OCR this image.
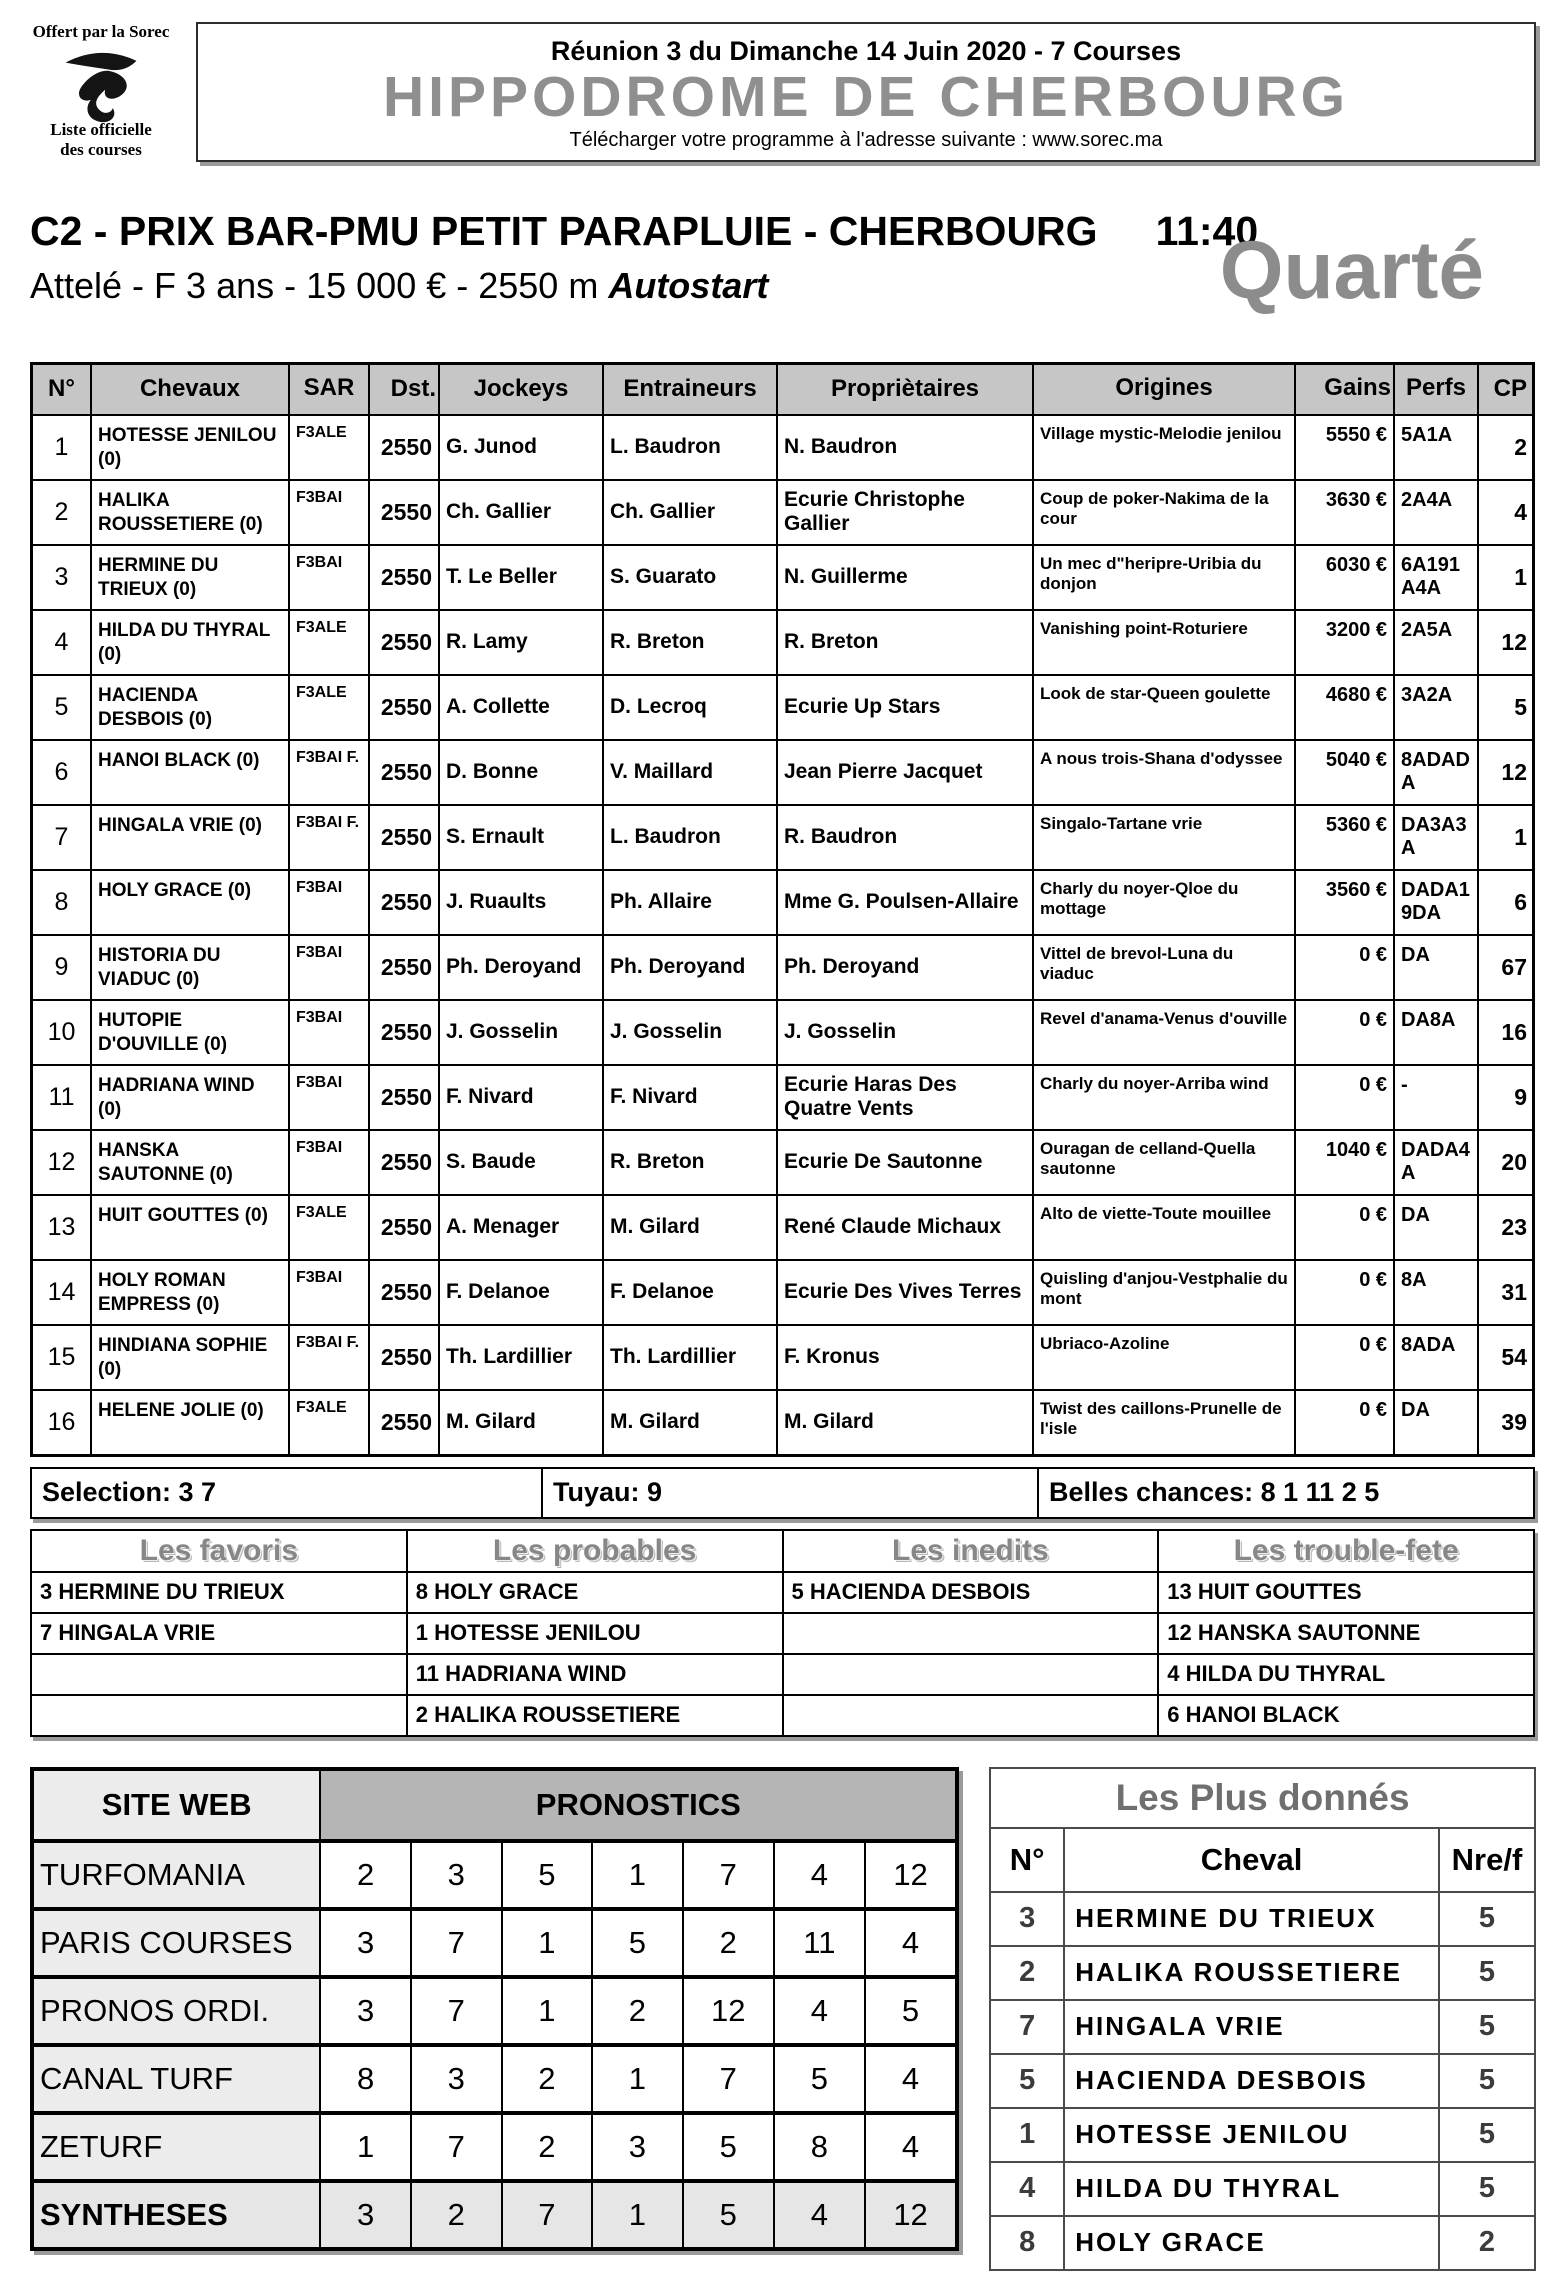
Offert par la Sorec
Liste officielle
des courses
Réunion 3 du Dimanche 14 Juin 2020 - 7 Courses
HIPPODROME DE CHERBOURG
Télécharger votre programme à l'adresse suivante : www.sorec.ma
C2 - PRIX BAR-PMU PETIT PARAPLUIE - CHERBOURG 11:40
Attelé - F 3 ans - 15 000 € - 2550 m Autostart	Quarté
N°	Chevaux	SAR	Dst.	Jockeys	Entraineurs	Propriètaires	Origines	Gains	Perfs	CP
1	HOTESSE JENILOU (0)	F3ALE	2550	G. Junod	L. Baudron	N. Baudron	Village mystic-Melodie jenilou	5550 €	5A1A	2
2	HALIKA ROUSSETIERE (0)	F3BAI	2550	Ch. Gallier	Ch. Gallier	Ecurie Christophe Gallier	Coup de poker-Nakima de la cour	3630 €	2A4A	4
3	HERMINE DU TRIEUX (0)	F3BAI	2550	T. Le Beller	S. Guarato	N. Guillerme	Un mec d"heripre-Uribia du donjon	6030 €	6A191A4A	1
4	HILDA DU THYRAL (0)	F3ALE	2550	R. Lamy	R. Breton	R. Breton	Vanishing point-Roturiere	3200 €	2A5A	12
5	HACIENDA DESBOIS (0)	F3ALE	2550	A. Collette	D. Lecroq	Ecurie Up Stars	Look de star-Queen goulette	4680 €	3A2A	5
6	HANOI BLACK (0)	F3BAI F.	2550	D. Bonne	V. Maillard	Jean Pierre Jacquet	A nous trois-Shana d'odyssee	5040 €	8ADADA	12
7	HINGALA VRIE (0)	F3BAI F.	2550	S. Ernault	L. Baudron	R. Baudron	Singalo-Tartane vrie	5360 €	DA3A3A	1
8	HOLY GRACE (0)	F3BAI	2550	J. Ruaults	Ph. Allaire	Mme G. Poulsen-Allaire	Charly du noyer-Qloe du mottage	3560 €	DADA19DA	6
9	HISTORIA DU VIADUC (0)	F3BAI	2550	Ph. Deroyand	Ph. Deroyand	Ph. Deroyand	Vittel de brevol-Luna du viaduc	0 €	DA	67
10	HUTOPIE D'OUVILLE (0)	F3BAI	2550	J. Gosselin	J. Gosselin	J. Gosselin	Revel d'anama-Venus d'ouville	0 €	DA8A	16
11	HADRIANA WIND (0)	F3BAI	2550	F. Nivard	F. Nivard	Ecurie Haras Des Quatre Vents	Charly du noyer-Arriba wind	0 €	-	9
12	HANSKA SAUTONNE (0)	F3BAI	2550	S. Baude	R. Breton	Ecurie De Sautonne	Ouragan de celland-Quella sautonne	1040 €	DADA4A	20
13	HUIT GOUTTES (0)	F3ALE	2550	A. Menager	M. Gilard	René Claude Michaux	Alto de viette-Toute mouillee	0 €	DA	23
14	HOLY ROMAN EMPRESS (0)	F3BAI	2550	F. Delanoe	F. Delanoe	Ecurie Des Vives Terres	Quisling d'anjou-Vestphalie du mont	0 €	8A	31
15	HINDIANA SOPHIE (0)	F3BAI F.	2550	Th. Lardillier	Th. Lardillier	F. Kronus	Ubriaco-Azoline	0 €	8ADA	54
16	HELENE JOLIE (0)	F3ALE	2550	M. Gilard	M. Gilard	M. Gilard	Twist des caillons-Prunelle de l'isle	0 €	DA	39
Selection: 3 7	Tuyau: 9	Belles chances: 8 1 11 2 5
Les favoris	Les probables	Les inedits	Les trouble-fete
3 HERMINE DU TRIEUX	8 HOLY GRACE	5 HACIENDA DESBOIS	13 HUIT GOUTTES
7 HINGALA VRIE	1 HOTESSE JENILOU		12 HANSKA SAUTONNE
	11 HADRIANA WIND		4 HILDA DU THYRAL
	2 HALIKA ROUSSETIERE		6 HANOI BLACK
SITE WEB	PRONOSTICS						
TURFOMANIA	2	3	5	1	7	4	12
PARIS COURSES	3	7	1	5	2	11	4
PRONOS ORDI.	3	7	1	2	12	4	5
CANAL TURF	8	3	2	1	7	5	4
ZETURF	1	7	2	3	5	8	4
SYNTHESES	3	2	7	1	5	4	12
Les Plus donnés		
N°	Cheval	Nre/f
3	HERMINE DU TRIEUX	5
2	HALIKA ROUSSETIERE	5
7	HINGALA VRIE	5
5	HACIENDA DESBOIS	5
1	HOTESSE JENILOU	5
4	HILDA DU THYRAL	5
8	HOLY GRACE	2
